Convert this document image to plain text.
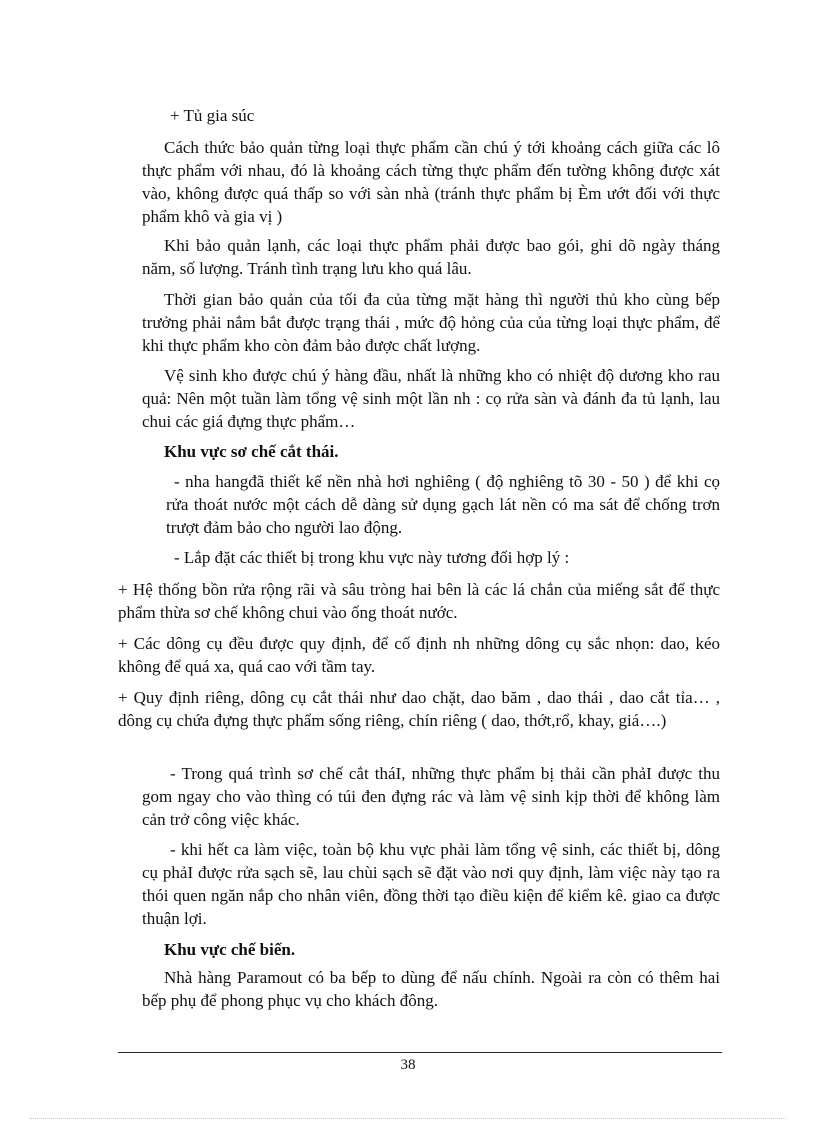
+ Tủ gia súc

Cách thức bảo quản từng loại thực phẩm cần chú ý tới khoảng cách giữa các lô thực phẩm với nhau, đó là khoảng cách từng thực phẩm đến tường không được xát vào, không được quá thấp so với sàn nhà (tránh thực phẩm bị Èm ướt đối với thực phẩm khô và gia vị )

Khi bảo quản lạnh, các loại thực phẩm phải được bao gói, ghi dõ ngày tháng năm, số lượng. Tránh tình trạng lưu kho quá lâu.

Thời gian bảo quản của tối đa của từng mặt hàng thì người thủ kho cùng bếp trưởng phải nắm bắt được trạng thái , mức độ hỏng của của từng loại thực phẩm, để khi thực phẩm kho còn đảm bảo được chất lượng.

Vệ sinh kho được chú ý hàng đầu, nhất là những kho có nhiệt độ dương kho rau quả: Nên một tuần làm tổng vệ sinh một lần nh : cọ rửa sàn và đánh đa tủ lạnh, lau chui các giá đựng thực phẩm…

Khu vực sơ chế cắt thái.

- nha hangđã thiết kế nền nhà hơi nghiêng ( độ nghiêng tõ 30 - 50 ) để khi cọ rửa thoát nước một cách dễ dàng sử dụng gạch lát nền có ma sát để chống trơn trượt đảm bảo cho người lao động.

- Lắp đặt các thiết bị trong khu vực này tương đối hợp lý :

+ Hệ thống bồn rửa rộng rãi và sâu tròng hai bên là các lá chắn của miếng sắt để thực phẩm thừa sơ chế không chui vào ống thoát nước.

+ Các dông cụ đều được quy định, để cố định nh những dông cụ sắc nhọn: dao, kéo không để quá xa, quá cao với tầm tay.

+ Quy định riêng, dông cụ cắt thái như dao chặt, dao băm , dao thái , dao cắt tỉa… , dông cụ chứa đựng thực phẩm sống riêng, chín riêng ( dao, thớt,rổ, khay, giá….)

- Trong quá trình sơ chế cắt tháI, những thực phẩm bị thải cần phảI được thu gom ngay cho vào thìng có túi đen đựng rác và làm vệ sinh kịp thời để không làm cản trở công việc khác.

- khi hết ca làm việc, toàn bộ khu vực phải làm tổng vệ sinh, các thiết bị, dông cụ phảI được rửa sạch sẽ, lau chùi sạch sẽ đặt vào nơi quy định, làm việc này tạo ra thói quen ngăn nắp cho nhân viên, đồng thời tạo điều kiện để kiểm kê. giao ca được thuận lợi.

Khu vực chế biến.

Nhà hàng Paramout có ba bếp to dùng để nấu chính. Ngoài ra còn có thêm hai bếp phụ để phong phục vụ cho khách đông.

38
